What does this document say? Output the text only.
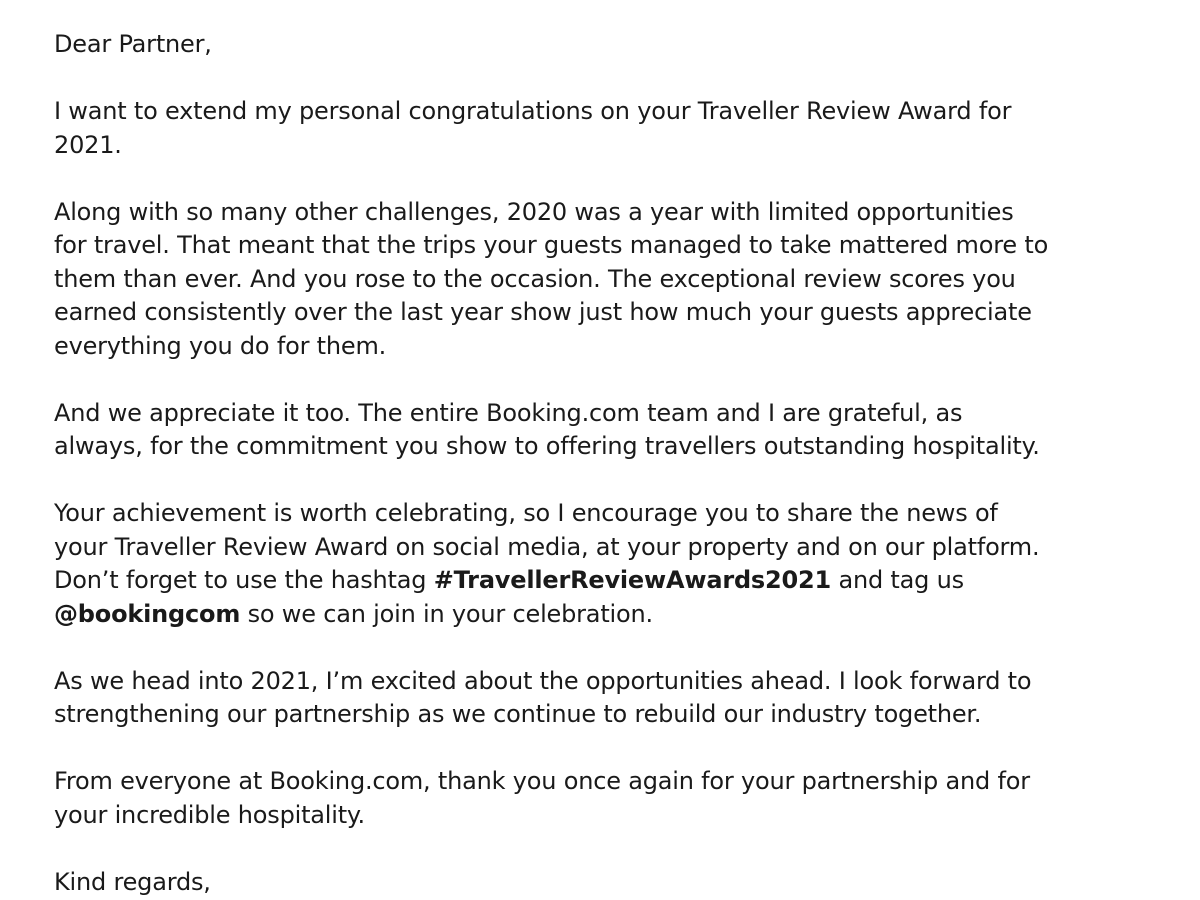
Dear Partner,

I want to extend my personal congratulations on your Traveller Review Award for
2021.

Along with so many other challenges, 2020 was a year with limited opportunities
for travel. That meant that the trips your guests managed to take mattered more to
them than ever. And you rose to the occasion. The exceptional review scores you
earned consistently over the last year show just how much your guests appreciate
everything you do for them.

And we appreciate it too. The entire Booking.com team and I are grateful, as
always, for the commitment you show to offering travellers outstanding hospitality.

Your achievement is worth celebrating, so I encourage you to share the news of
your Traveller Review Award on social media, at your property and on our platform.
Don’t forget to use the hashtag #TravellerReviewAwards2021 and tag us
@bookingcom so we can join in your celebration.

As we head into 2021, I’m excited about the opportunities ahead. I look forward to
strengthening our partnership as we continue to rebuild our industry together.

From everyone at Booking.com, thank you once again for your partnership and for
your incredible hospitality.

Kind regards,
